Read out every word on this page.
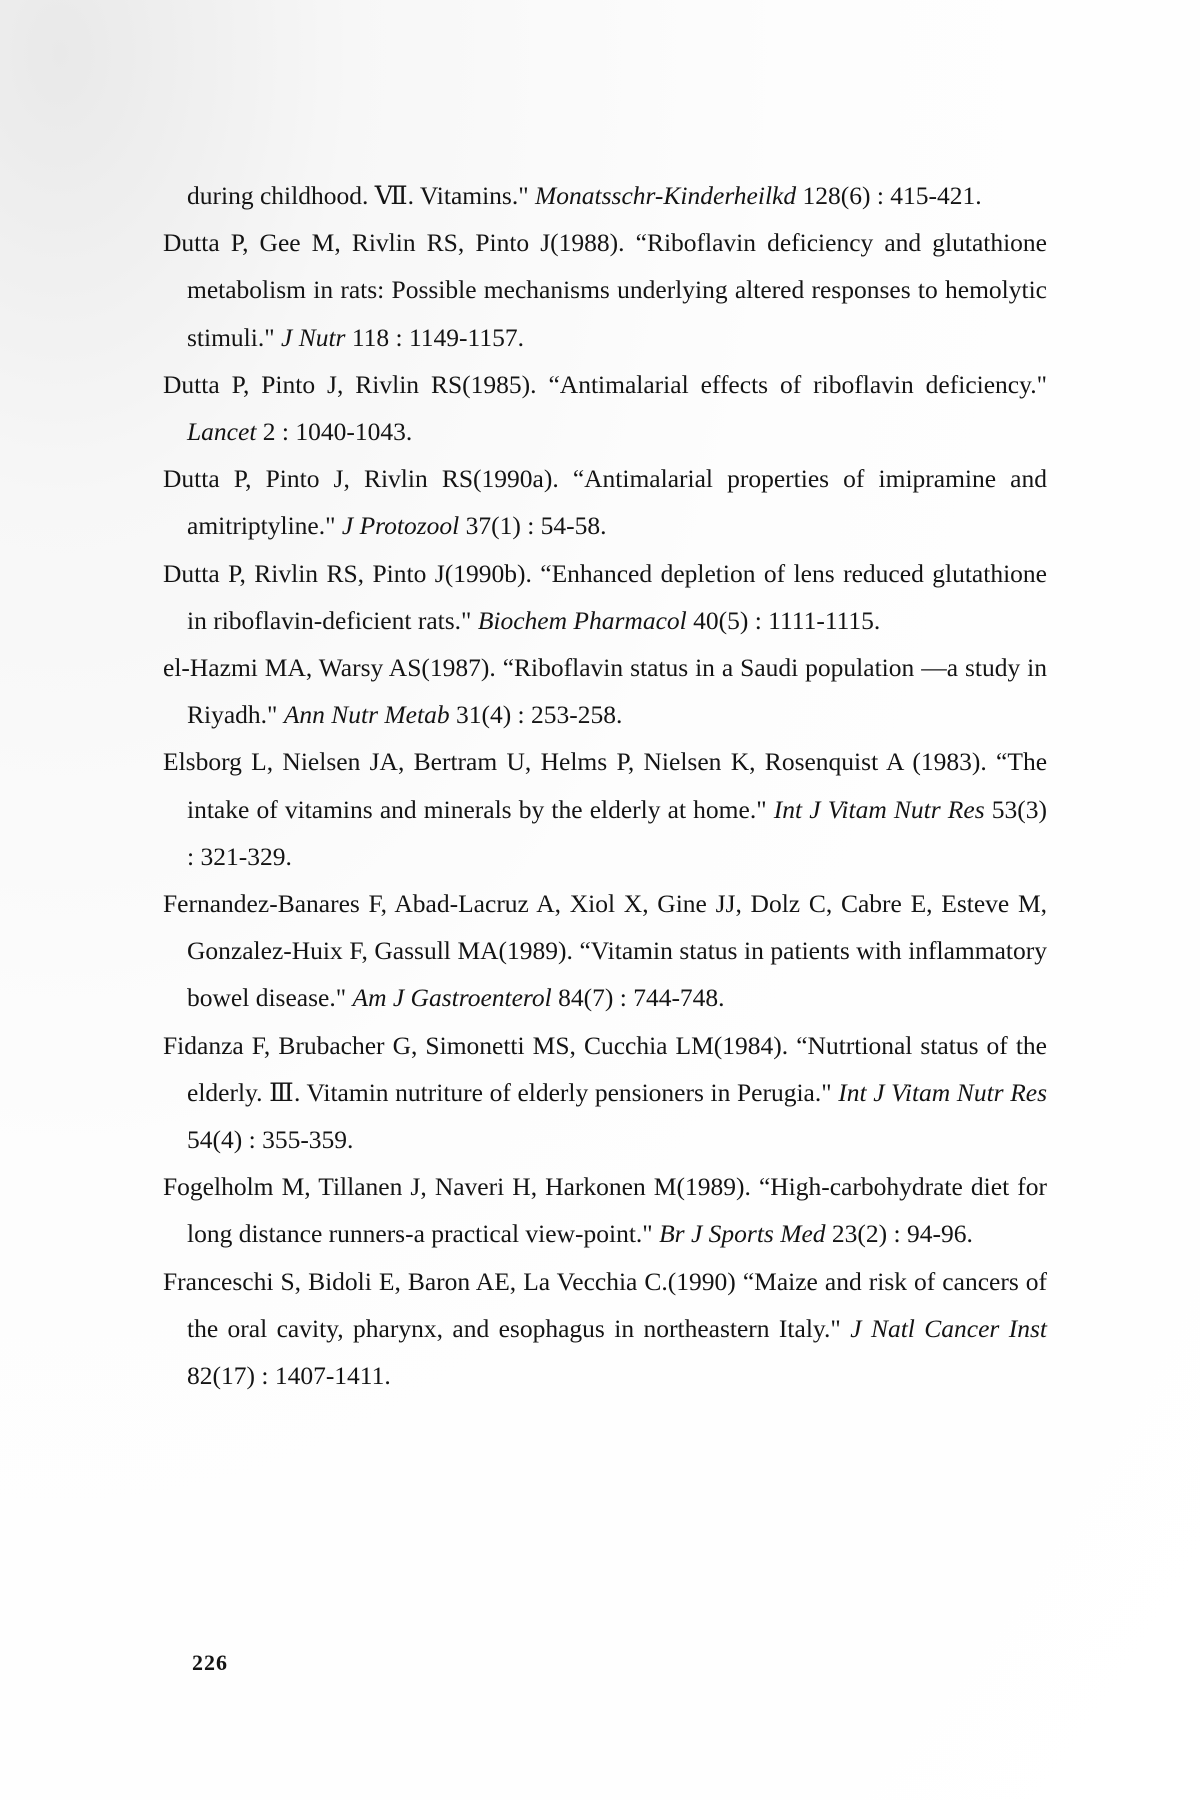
during childhood. Ⅶ. Vitamins." Monatsschr-Kinderheilkd 128(6) : 415-421.

Dutta P, Gee M, Rivlin RS, Pinto J(1988). “Riboflavin deficiency and glutathione metabolism in rats: Possible mechanisms underlying altered responses to hemolytic stimuli." J Nutr 118 : 1149-1157.

Dutta P, Pinto J, Rivlin RS(1985). “Antimalarial effects of riboflavin deficiency." Lancet 2 : 1040-1043.

Dutta P, Pinto J, Rivlin RS(1990a). “Antimalarial properties of imipramine and amitriptyline." J Protozool 37(1) : 54-58.

Dutta P, Rivlin RS, Pinto J(1990b). “Enhanced depletion of lens reduced glutathione in riboflavin-deficient rats." Biochem Pharmacol 40(5) : 1111-1115.

el-Hazmi MA, Warsy AS(1987). “Riboflavin status in a Saudi population —a study in Riyadh." Ann Nutr Metab 31(4) : 253-258.

Elsborg L, Nielsen JA, Bertram U, Helms P, Nielsen K, Rosenquist A (1983). “The intake of vitamins and minerals by the elderly at home." Int J Vitam Nutr Res 53(3) : 321-329.

Fernandez-Banares F, Abad-Lacruz A, Xiol X, Gine JJ, Dolz C, Cabre E, Esteve M, Gonzalez-Huix F, Gassull MA(1989). “Vitamin status in patients with inflammatory bowel disease." Am J Gastroenterol 84(7) : 744-748.

Fidanza F, Brubacher G, Simonetti MS, Cucchia LM(1984). “Nutrtional status of the elderly. Ⅲ. Vitamin nutriture of elderly pensioners in Perugia." Int J Vitam Nutr Res 54(4) : 355-359.

Fogelholm M, Tillanen J, Naveri H, Harkonen M(1989). “High-carbohydrate diet for long distance runners-a practical view-point." Br J Sports Med 23(2) : 94-96.

Franceschi S, Bidoli E, Baron AE, La Vecchia C.(1990) “Maize and risk of cancers of the oral cavity, pharynx, and esophagus in northeastern Italy." J Natl Cancer Inst 82(17) : 1407-1411.

226
